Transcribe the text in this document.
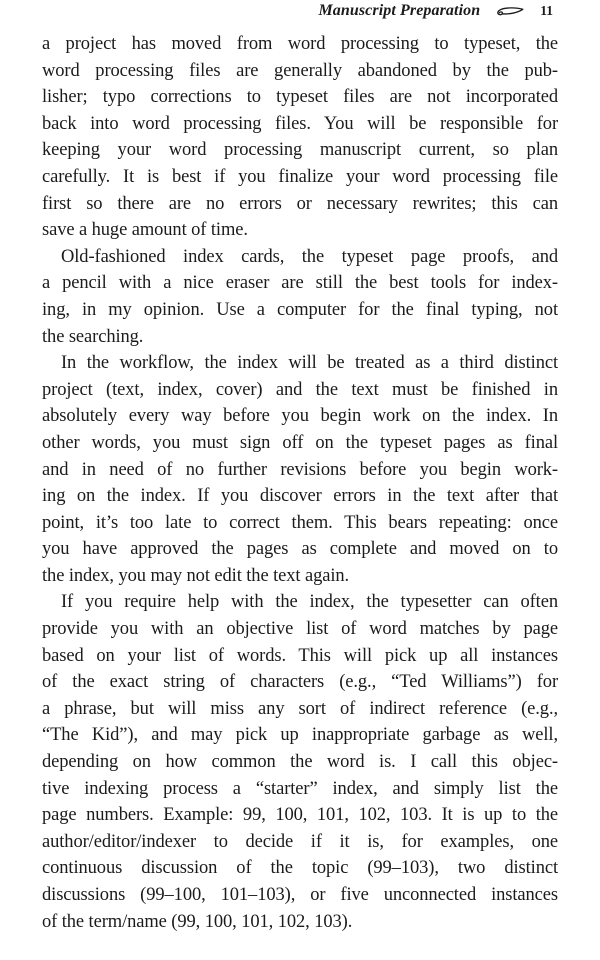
Manuscript Preparation	11
a project has moved from word processing to typeset, the
word processing files are generally abandoned by the pub-
lisher; typo corrections to typeset files are not incorporated
back into word processing files. You will be responsible for
keeping your word processing manuscript current, so plan
carefully. It is best if you finalize your word processing file
first so there are no errors or necessary rewrites; this can
save a huge amount of time.
Old-fashioned index cards, the typeset page proofs, and
a pencil with a nice eraser are still the best tools for index-
ing, in my opinion. Use a computer for the final typing, not
the searching.
In the workflow, the index will be treated as a third distinct
project (text, index, cover) and the text must be finished in
absolutely every way before you begin work on the index. In
other words, you must sign off on the typeset pages as final
and in need of no further revisions before you begin work-
ing on the index. If you discover errors in the text after that
point, it’s too late to correct them. This bears repeating: once
you have approved the pages as complete and moved on to
the index, you may not edit the text again.
If you require help with the index, the typesetter can often
provide you with an objective list of word matches by page
based on your list of words. This will pick up all instances
of the exact string of characters (e.g., “Ted Williams”) for
a phrase, but will miss any sort of indirect reference (e.g.,
“The Kid”), and may pick up inappropriate garbage as well,
depending on how common the word is. I call this objec-
tive indexing process a “starter” index, and simply list the
page numbers. Example: 99, 100, 101, 102, 103. It is up to the
author/editor/indexer to decide if it is, for examples, one
continuous discussion of the topic (99–103), two distinct
discussions (99–100, 101–103), or five unconnected instances
of the term/name (99, 100, 101, 102, 103).
